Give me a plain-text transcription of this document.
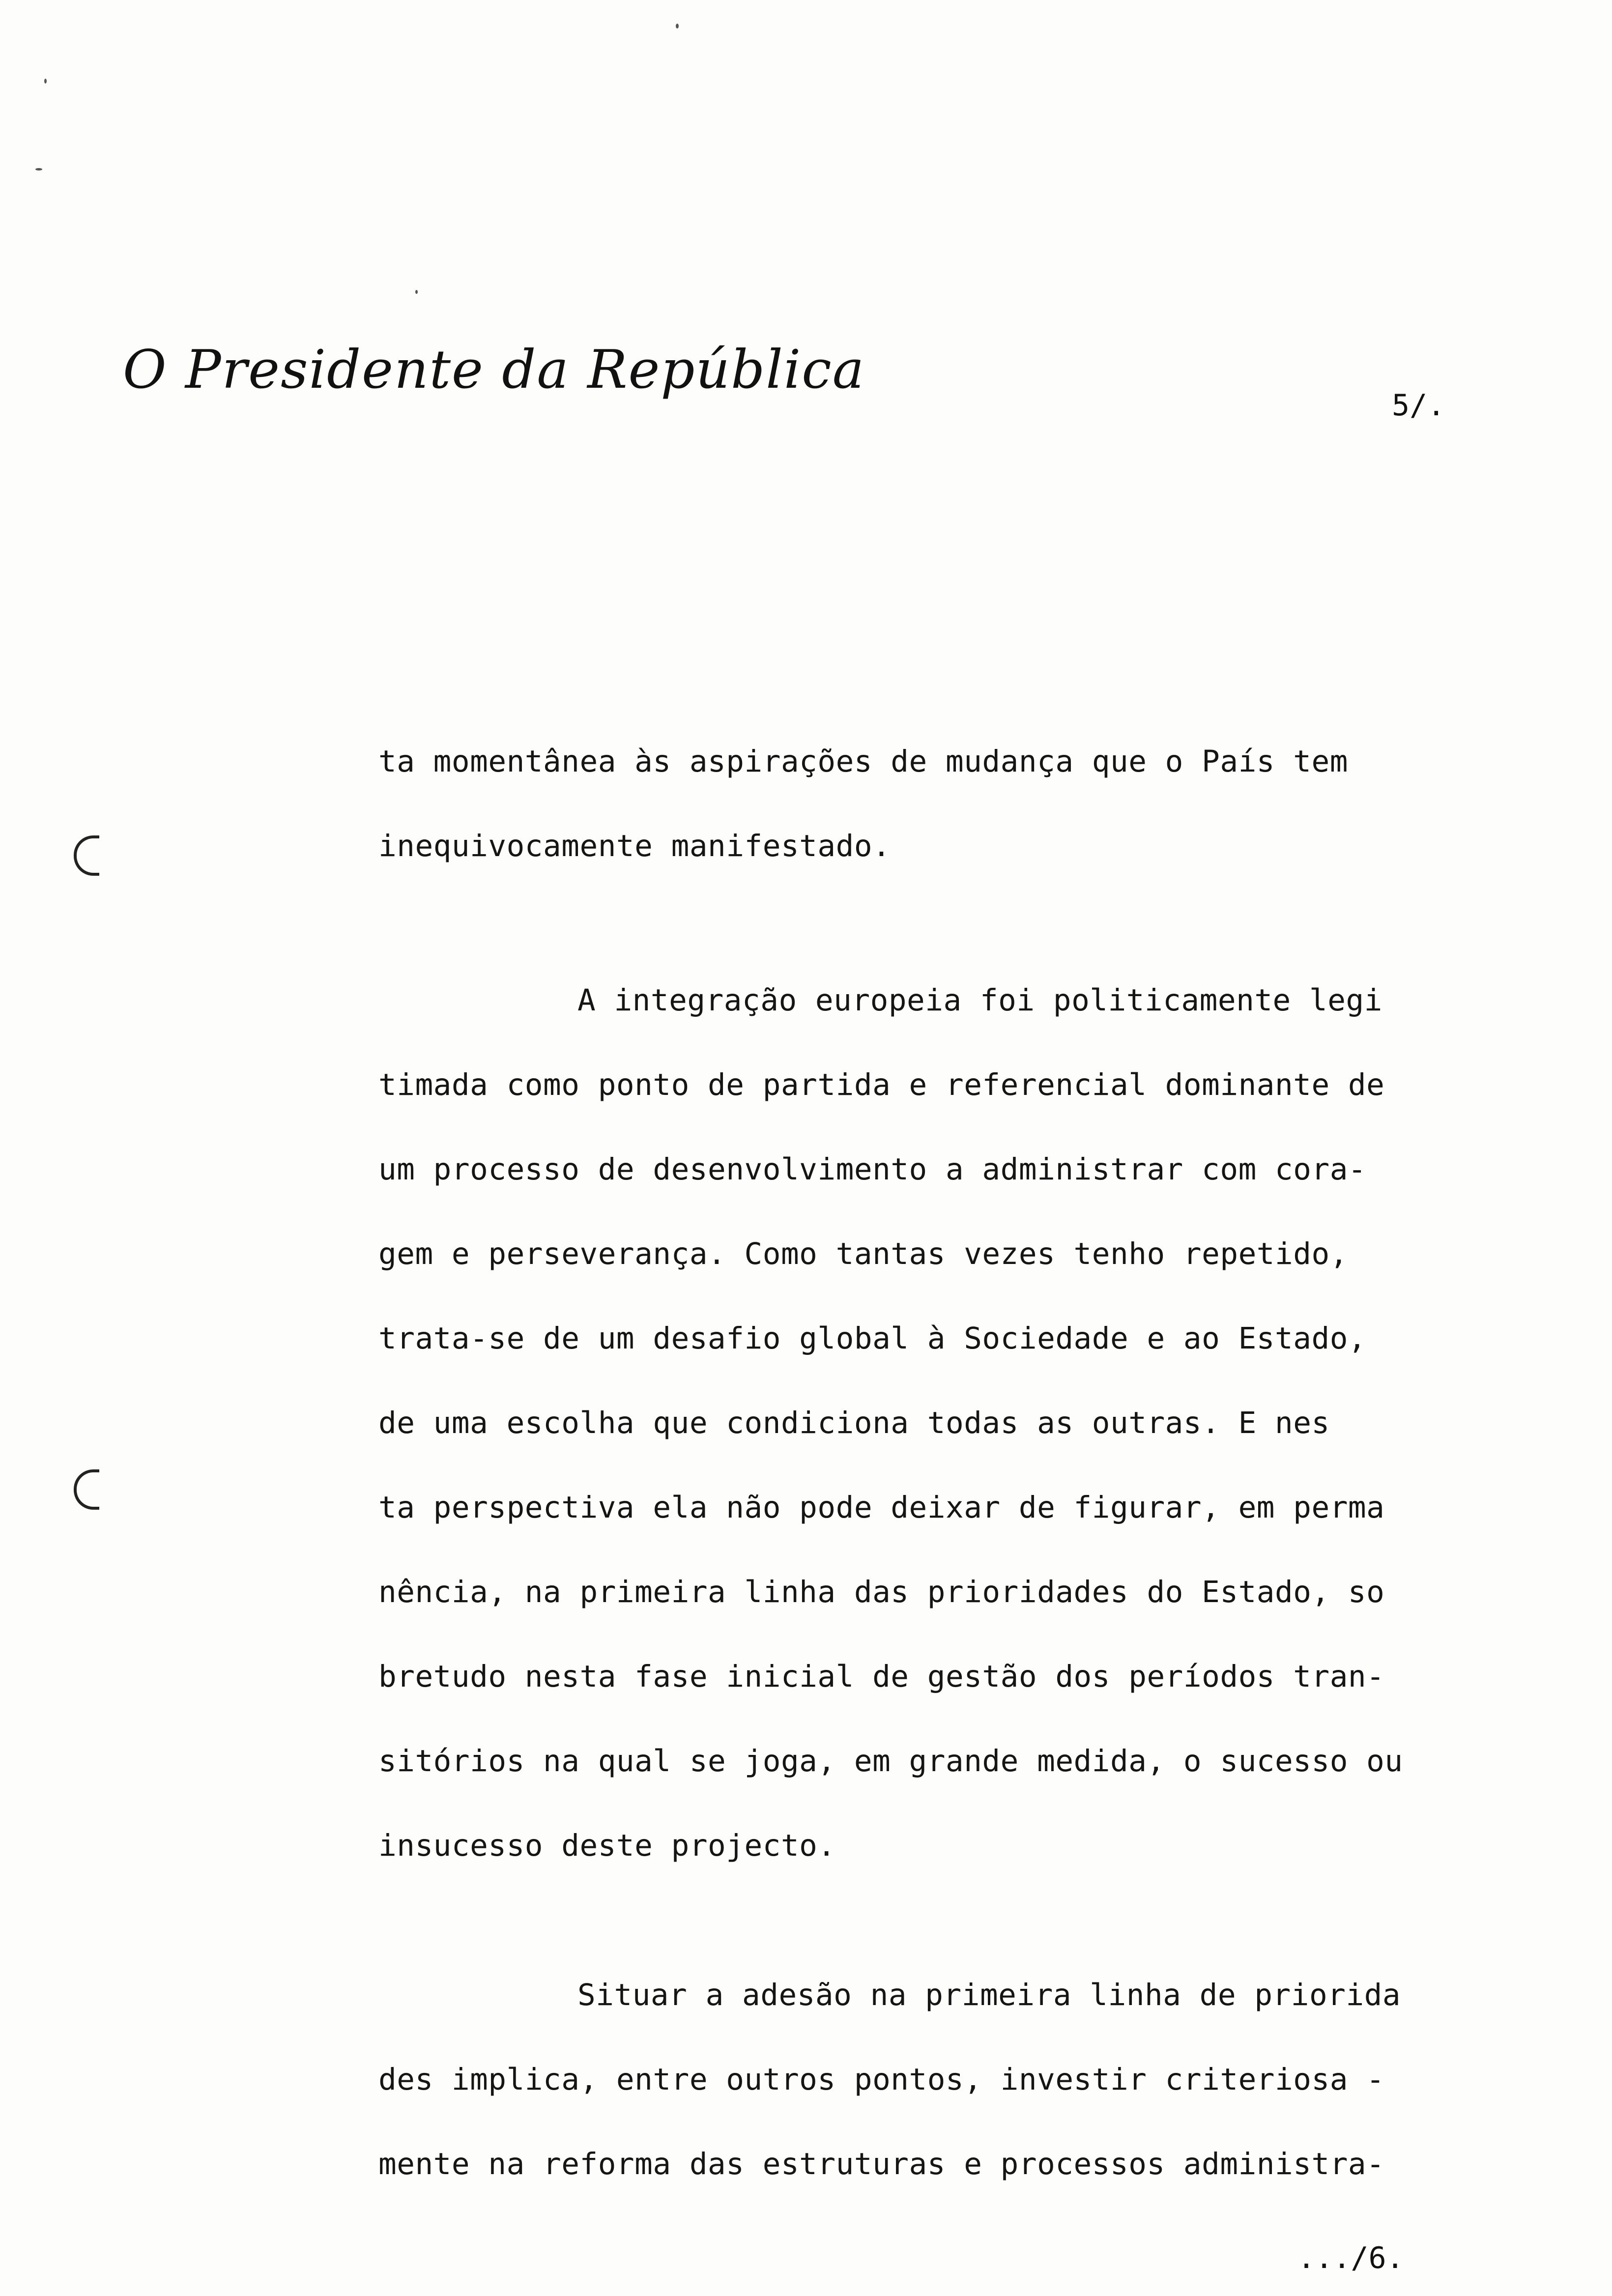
O Presidente da República
5/.
ta momentânea às aspirações de mudança que o País tem
inequivocamente manifestado.
A integração europeia foi politicamente legi
timada como ponto de partida e referencial dominante de
um processo de desenvolvimento a administrar com cora-
gem e perseverança. Como tantas vezes tenho repetido,
trata-se de um desafio global à Sociedade e ao Estado,
de uma escolha que condiciona todas as outras. E nes
ta perspectiva ela não pode deixar de figurar, em perma
nência, na primeira linha das prioridades do Estado, so
bretudo nesta fase inicial de gestão dos períodos tran-
sitórios na qual se joga, em grande medida, o sucesso ou
insucesso deste projecto.
Situar a adesão na primeira linha de priorida
des implica, entre outros pontos, investir criteriosa -
mente na reforma das estruturas e processos administra-
.../6.
